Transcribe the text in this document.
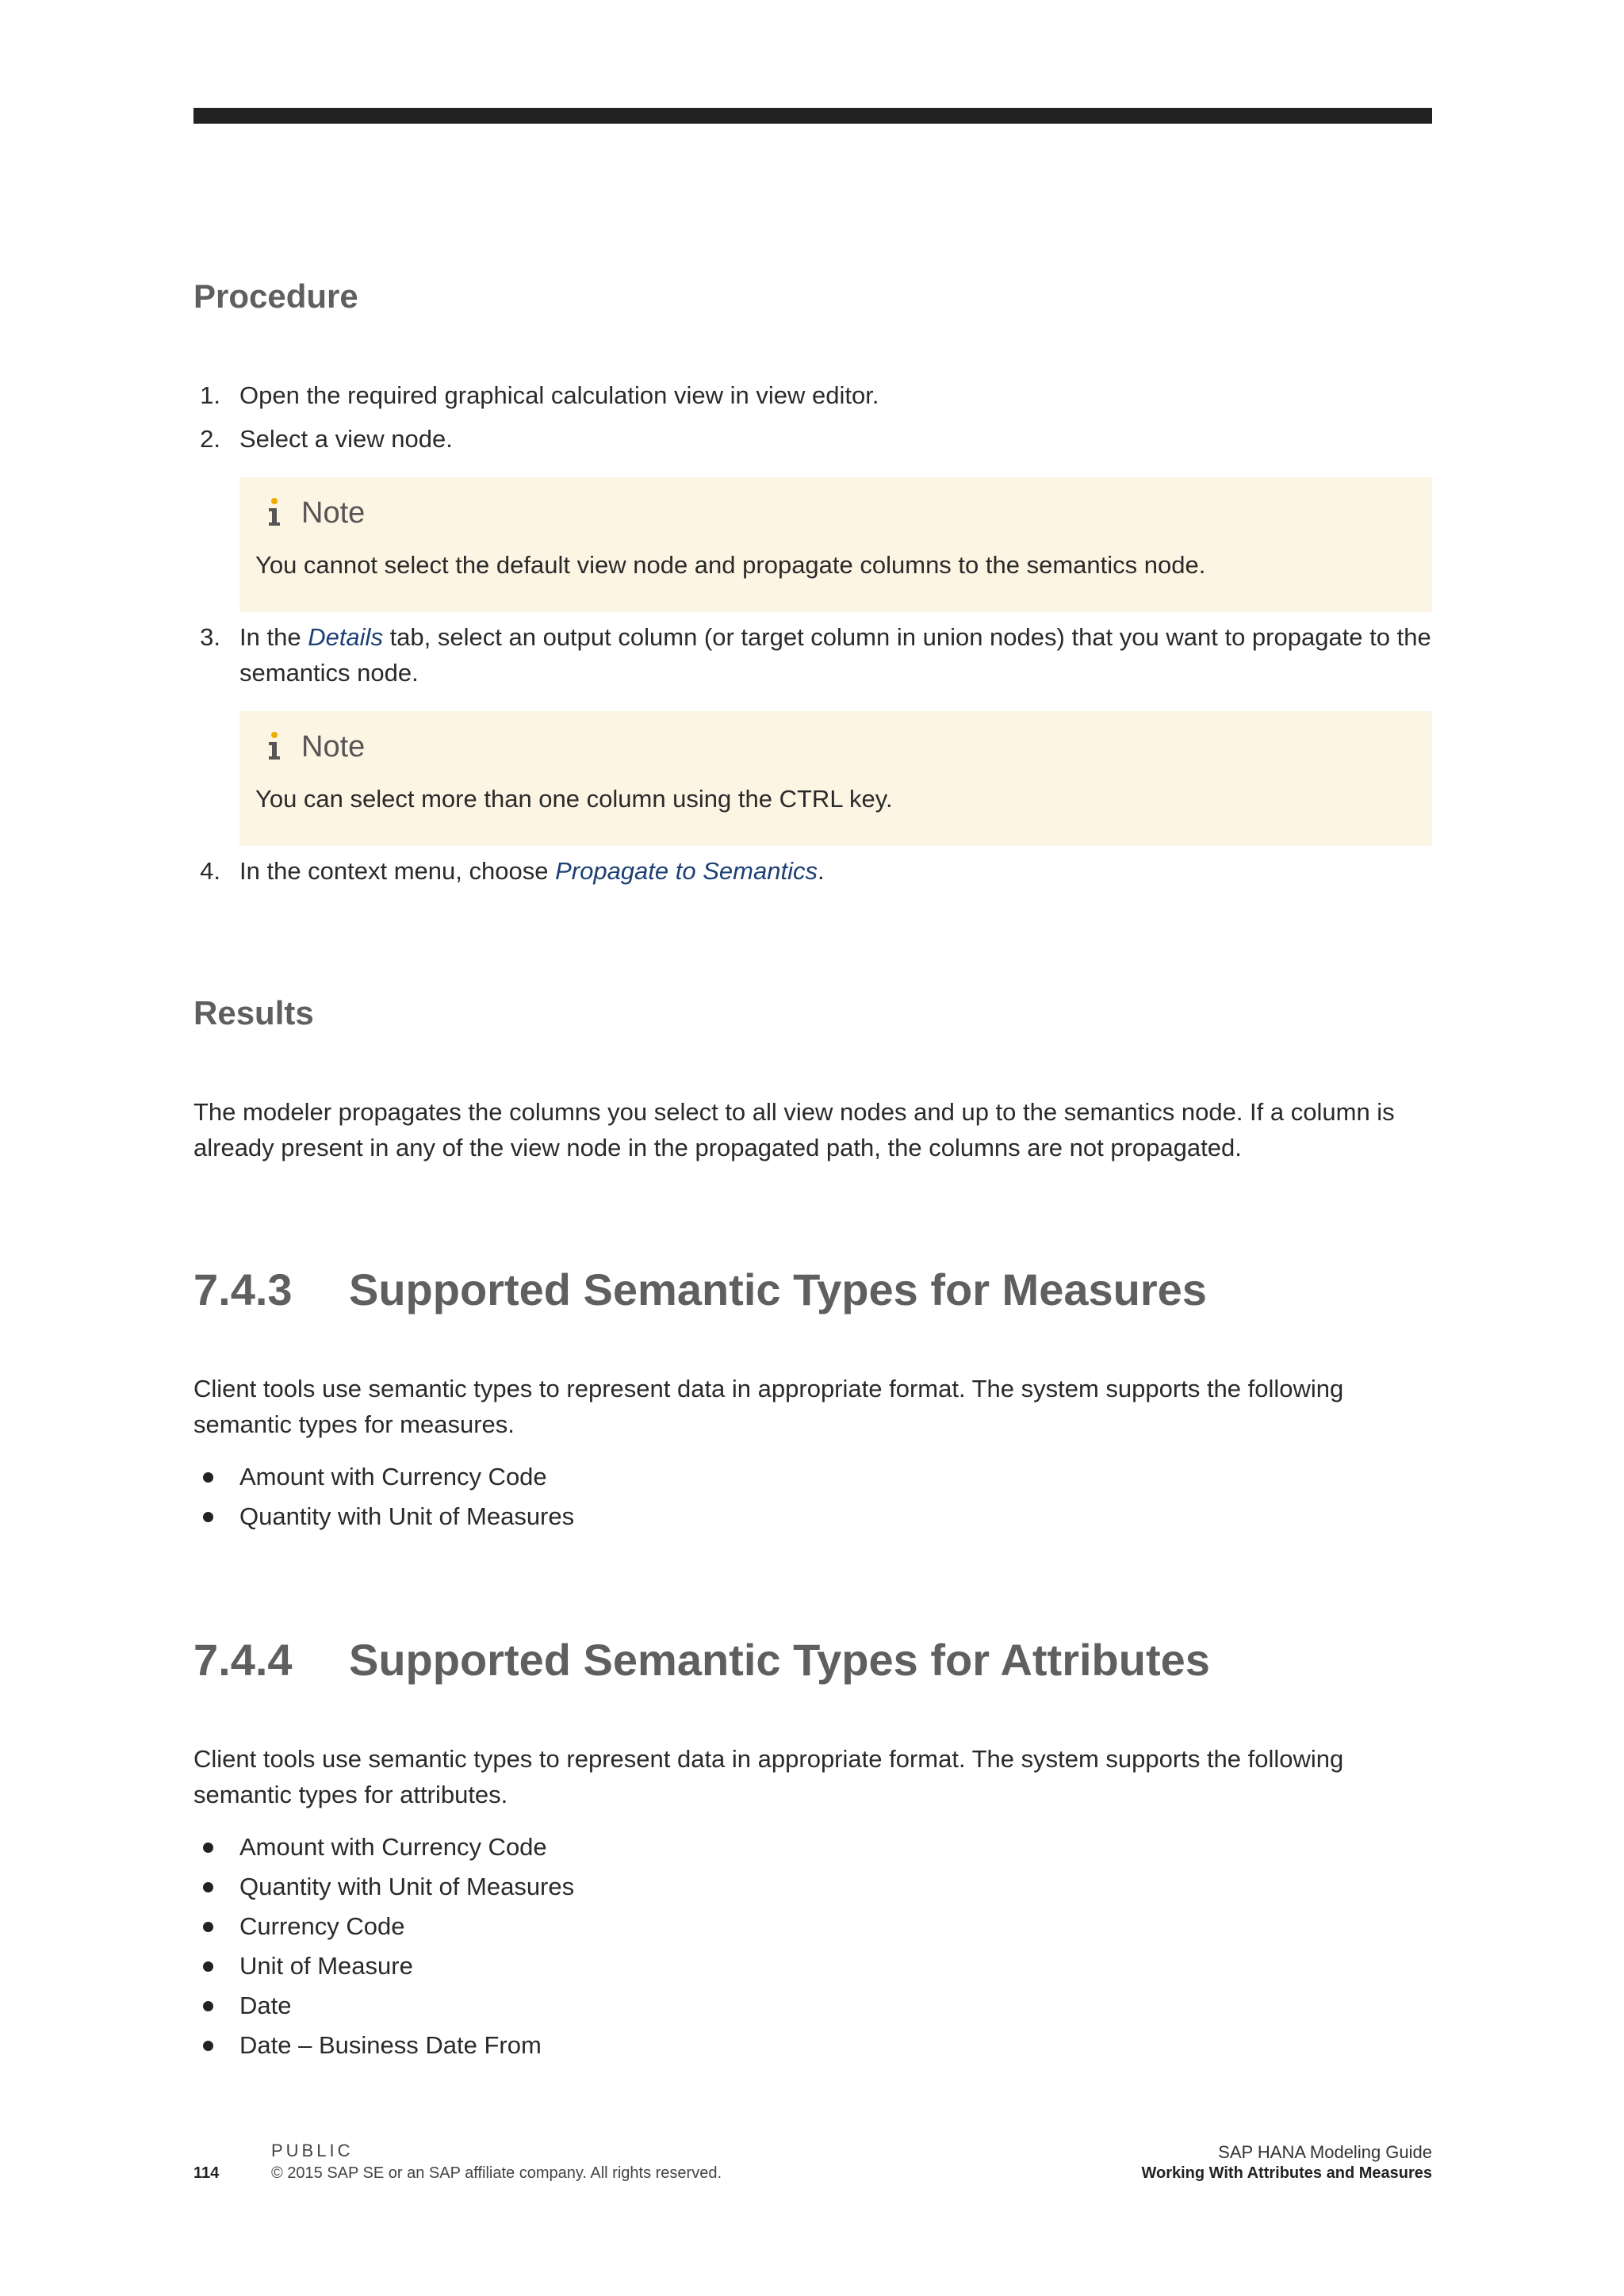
Procedure
1. Open the required graphical calculation view in view editor.
2. Select a view node.
Note
You cannot select the default view node and propagate columns to the semantics node.
3. In the Details tab, select an output column (or target column in union nodes) that you want to propagate to the semantics node.
Note
You can select more than one column using the CTRL key.
4. In the context menu, choose Propagate to Semantics.
Results

The modeler propagates the columns you select to all view nodes and up to the semantics node. If a column is already present in any of the view node in the propagated path, the columns are not propagated.

7.4.3 Supported Semantic Types for Measures

Client tools use semantic types to represent data in appropriate format. The system supports the following semantic types for measures.

Amount with Currency Code
Quantity with Unit of Measures
7.4.4 Supported Semantic Types for Attributes

Client tools use semantic types to represent data in appropriate format. The system supports the following semantic types for attributes.

Amount with Currency Code
Quantity with Unit of Measures
Currency Code
Unit of Measure
Date
Date – Business Date From
PUBLIC
114	© 2015 SAP SE or an SAP affiliate company. All rights reserved.
SAP HANA Modeling Guide
Working With Attributes and Measures
